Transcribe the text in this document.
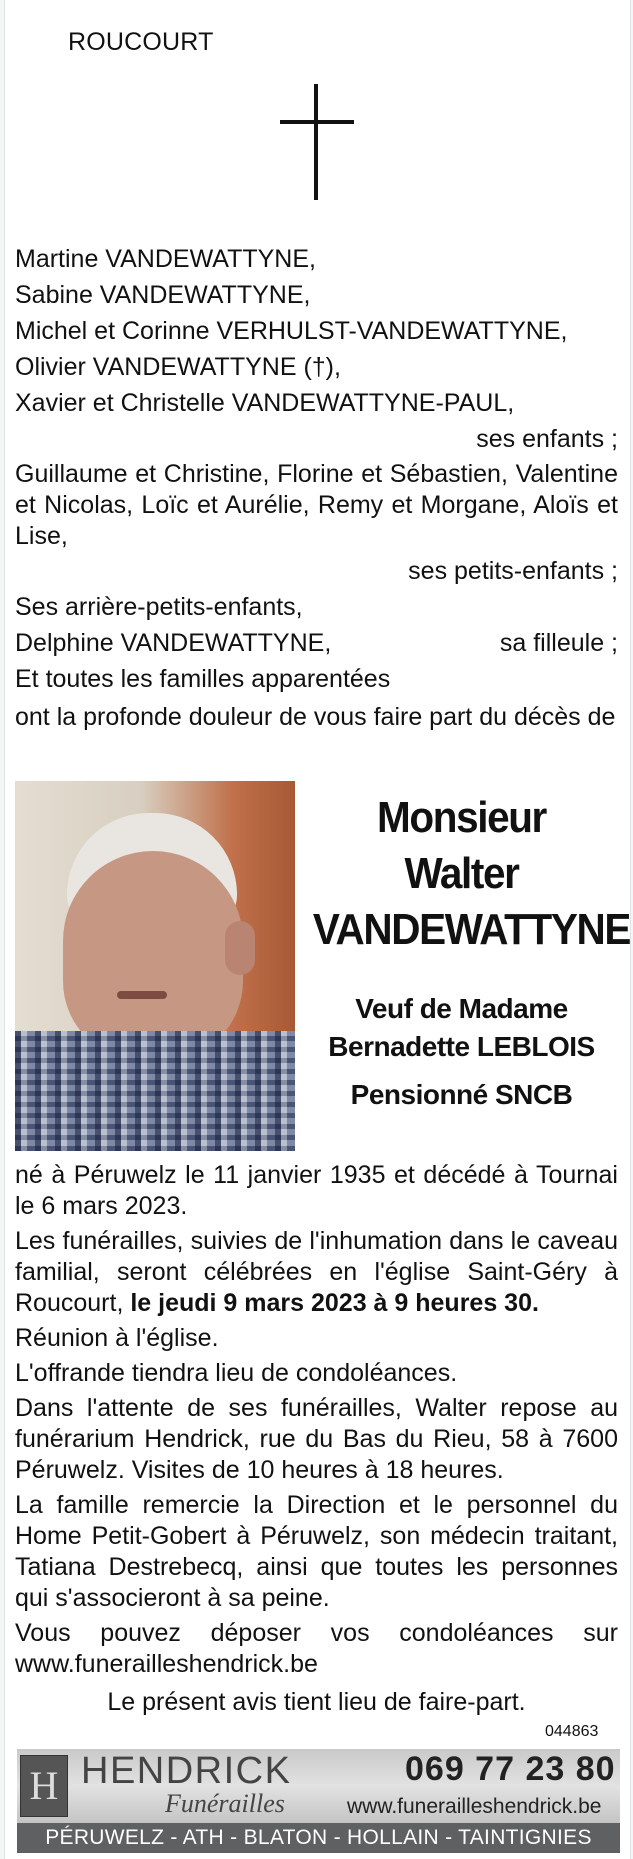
ROUCOURT
Martine VANDEWATTYNE,
Sabine VANDEWATTYNE,
Michel et Corinne VERHULST-VANDEWATTYNE,
Olivier VANDEWATTYNE (†),
Xavier et Christelle VANDEWATTYNE-PAUL,
ses enfants ;
Guillaume et Christine, Florine et Sébastien, Valentine et Nicolas, Loïc et Aurélie, Remy et Morgane, Aloïs et Lise,
ses petits-enfants ;
Ses arrière-petits-enfants,
Delphine VANDEWATTYNE,	sa filleule ;
Et toutes les familles apparentées
ont la profonde douleur de vous faire part du décès de
Monsieur
Walter
VANDEWATTYNE
Veuf de Madame
Bernadette LEBLOIS
Pensionné SNCB
né à Péruwelz le 11 janvier 1935 et décédé à Tournai le 6 mars 2023.
Les funérailles, suivies de l'inhumation dans le caveau familial, seront célébrées en l'église Saint-Géry à Roucourt, le jeudi 9 mars 2023 à 9 heures 30.
Réunion à l'église.
L'offrande tiendra lieu de condoléances.
Dans l'attente de ses funérailles, Walter repose au funérarium Hendrick, rue du Bas du Rieu, 58 à 7600 Péruwelz. Visites de 10 heures à 18 heures.
La famille remercie la Direction et le personnel du Home Petit-Gobert à Péruwelz, son médecin traitant, Tatiana Destrebecq, ainsi que toutes les personnes qui s'associeront à sa peine.
Vous pouvez déposer vos condoléances sur www.funerailleshendrick.be
Le présent avis tient lieu de faire-part.
044863
H HENDRICK
Funérailles
069 77 23 80
www.funerailleshendrick.be
PÉRUWELZ - ATH - BLATON - HOLLAIN - TAINTIGNIES
